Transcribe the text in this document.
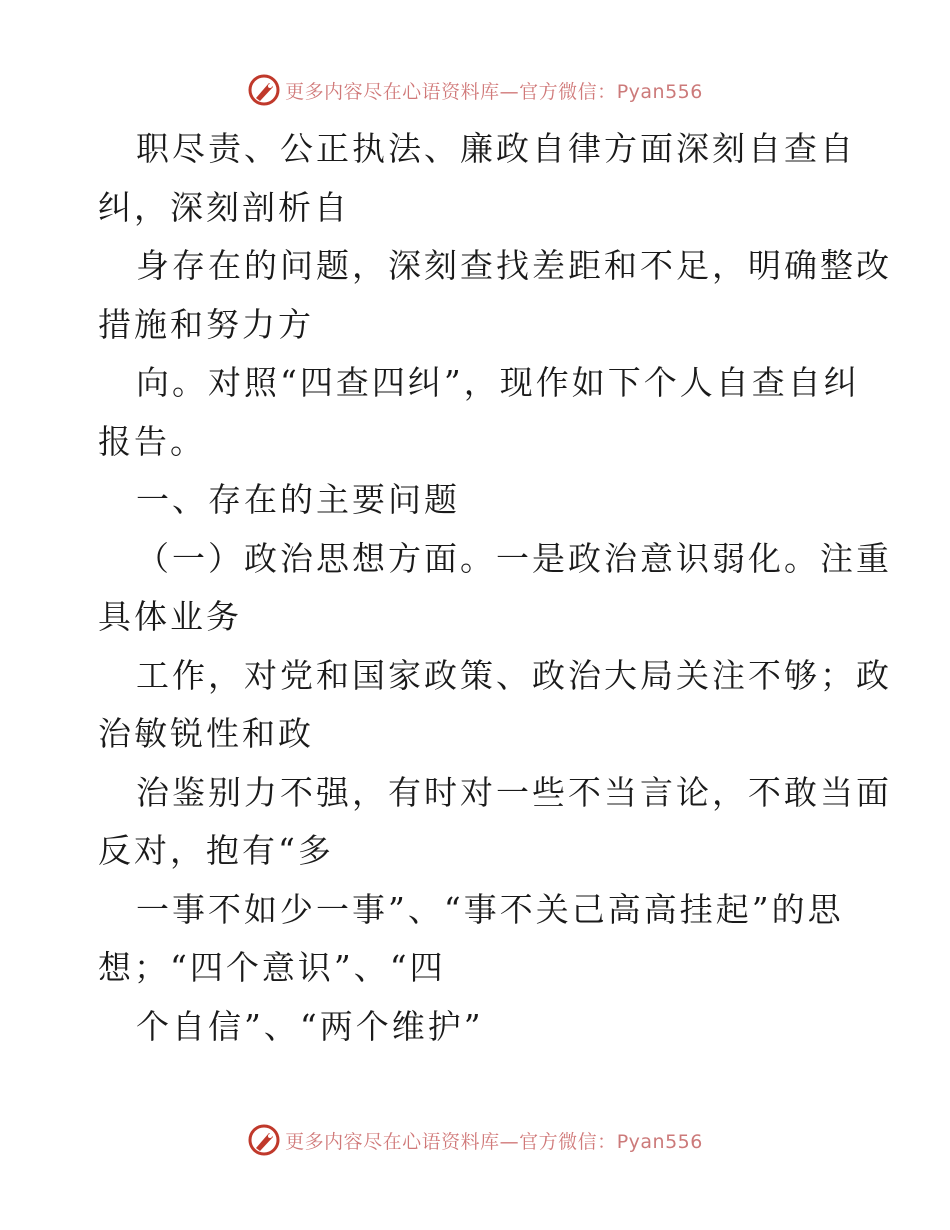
更多内容尽在心语资料库—官方微信：Pyan556
职尽责、公正执法、廉政自律方面深刻自查自
纠，深刻剖析自
身存在的问题，深刻查找差距和不足，明确整改
措施和努力方
向。对照“四查四纠”，现作如下个人自查自纠
报告。
一、存在的主要问题
（一）政治思想方面。一是政治意识弱化。注重
具体业务
工作，对党和国家政策、政治大局关注不够；政
治敏锐性和政
治鉴别力不强，有时对一些不当言论，不敢当面
反对，抱有“多
一事不如少一事”、“事不关己高高挂起”的思
想；“四个意识”、“四
个自信”、“两个维护”
更多内容尽在心语资料库—官方微信：Pyan556
